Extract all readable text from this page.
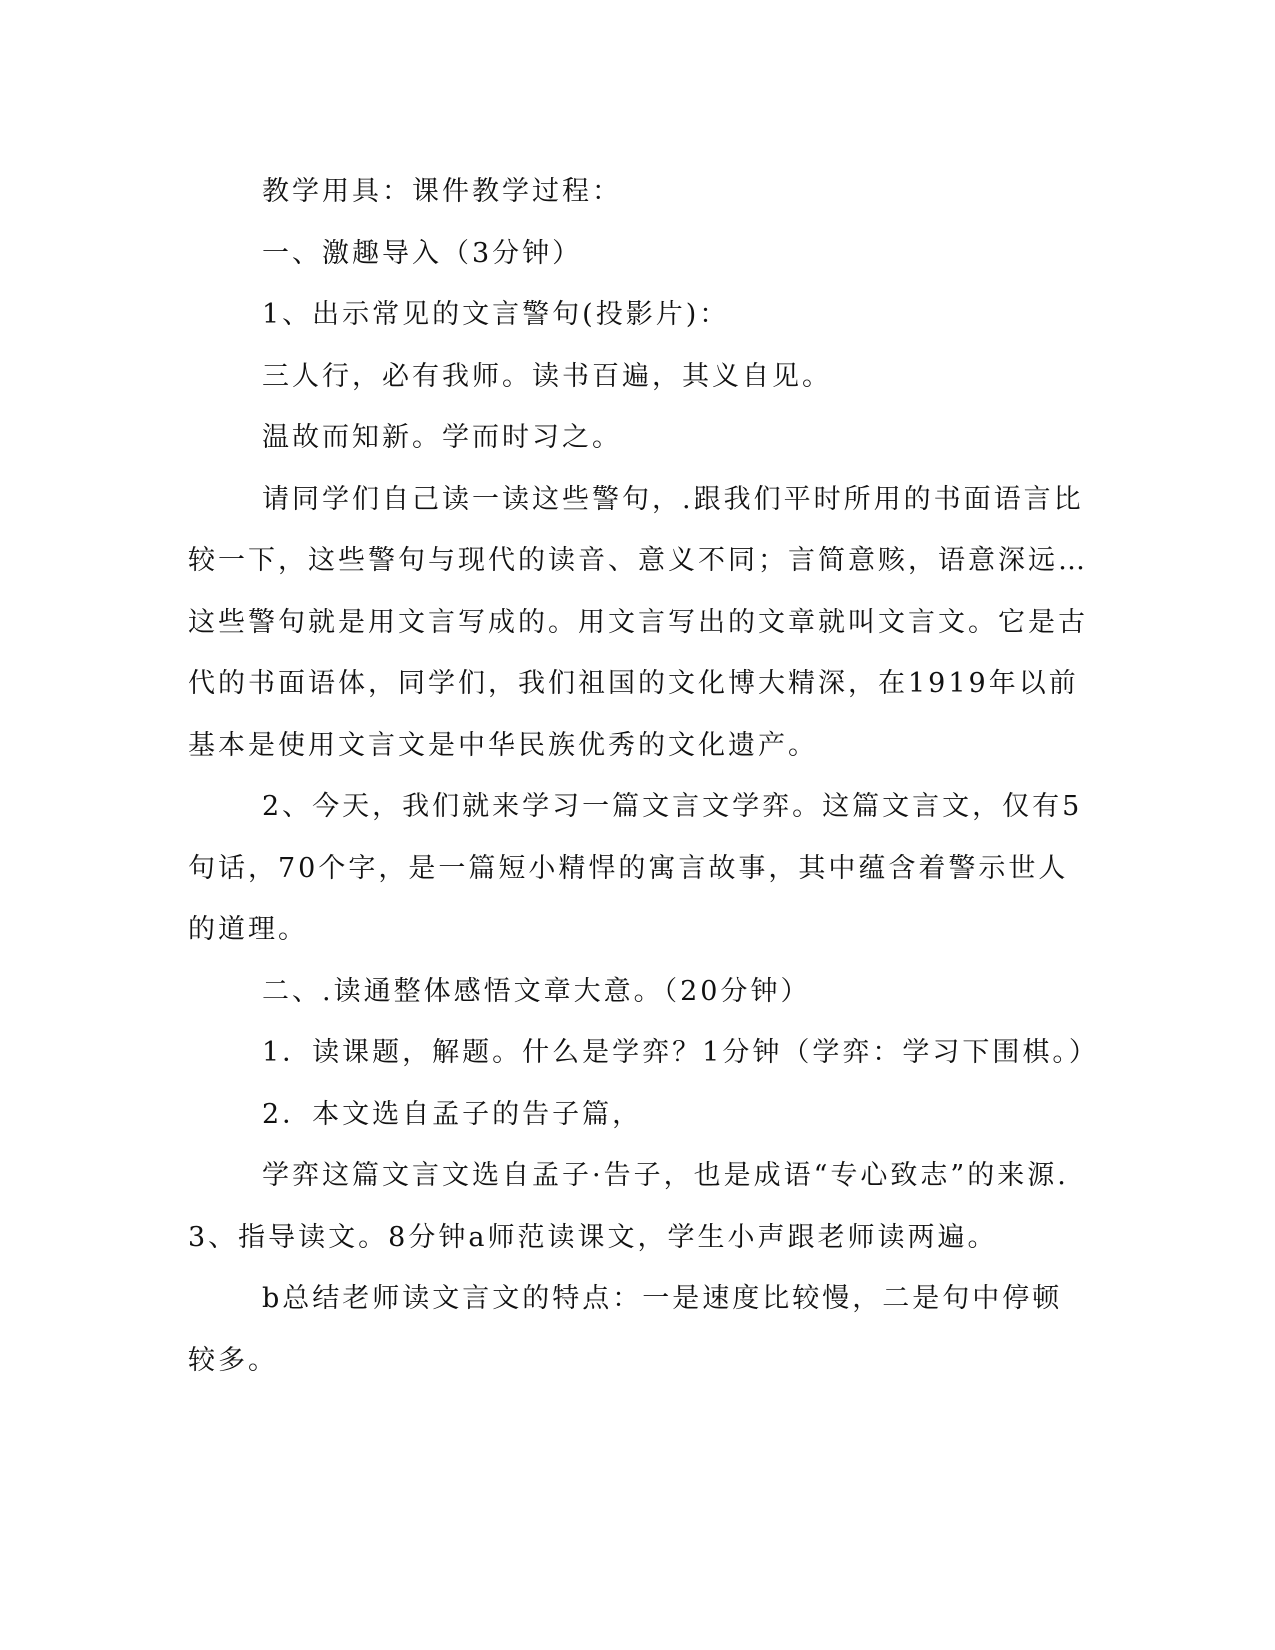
教学用具：课件教学过程：

一、激趣导入（3分钟）

1、出示常见的文言警句(投影片)：

三人行，必有我师。读书百遍，其义自见。

温故而知新。学而时习之。

请同学们自己读一读这些警句，.跟我们平时所用的书面语言比较一下，这些警句与现代的读音、意义不同；言简意赅，语意深远…这些警句就是用文言写成的。用文言写出的文章就叫文言文。它是古代的书面语体，同学们，我们祖国的文化博大精深，在1919年以前基本是使用文言文是中华民族优秀的文化遗产。

2、今天，我们就来学习一篇文言文学弈。这篇文言文，仅有5句话，70个字，是一篇短小精悍的寓言故事，其中蕴含着警示世人的道理。

二、.读通整体感悟文章大意。（20分钟）

1．读课题，解题。什么是学弈？1分钟（学弈：学习下围棋。）

2．本文选自孟子的告子篇，

学弈这篇文言文选自孟子·告子，也是成语“专心致志”的来源.3、指导读文。8分钟a师范读课文，学生小声跟老师读两遍。

b总结老师读文言文的特点：一是速度比较慢，二是句中停顿较多。
